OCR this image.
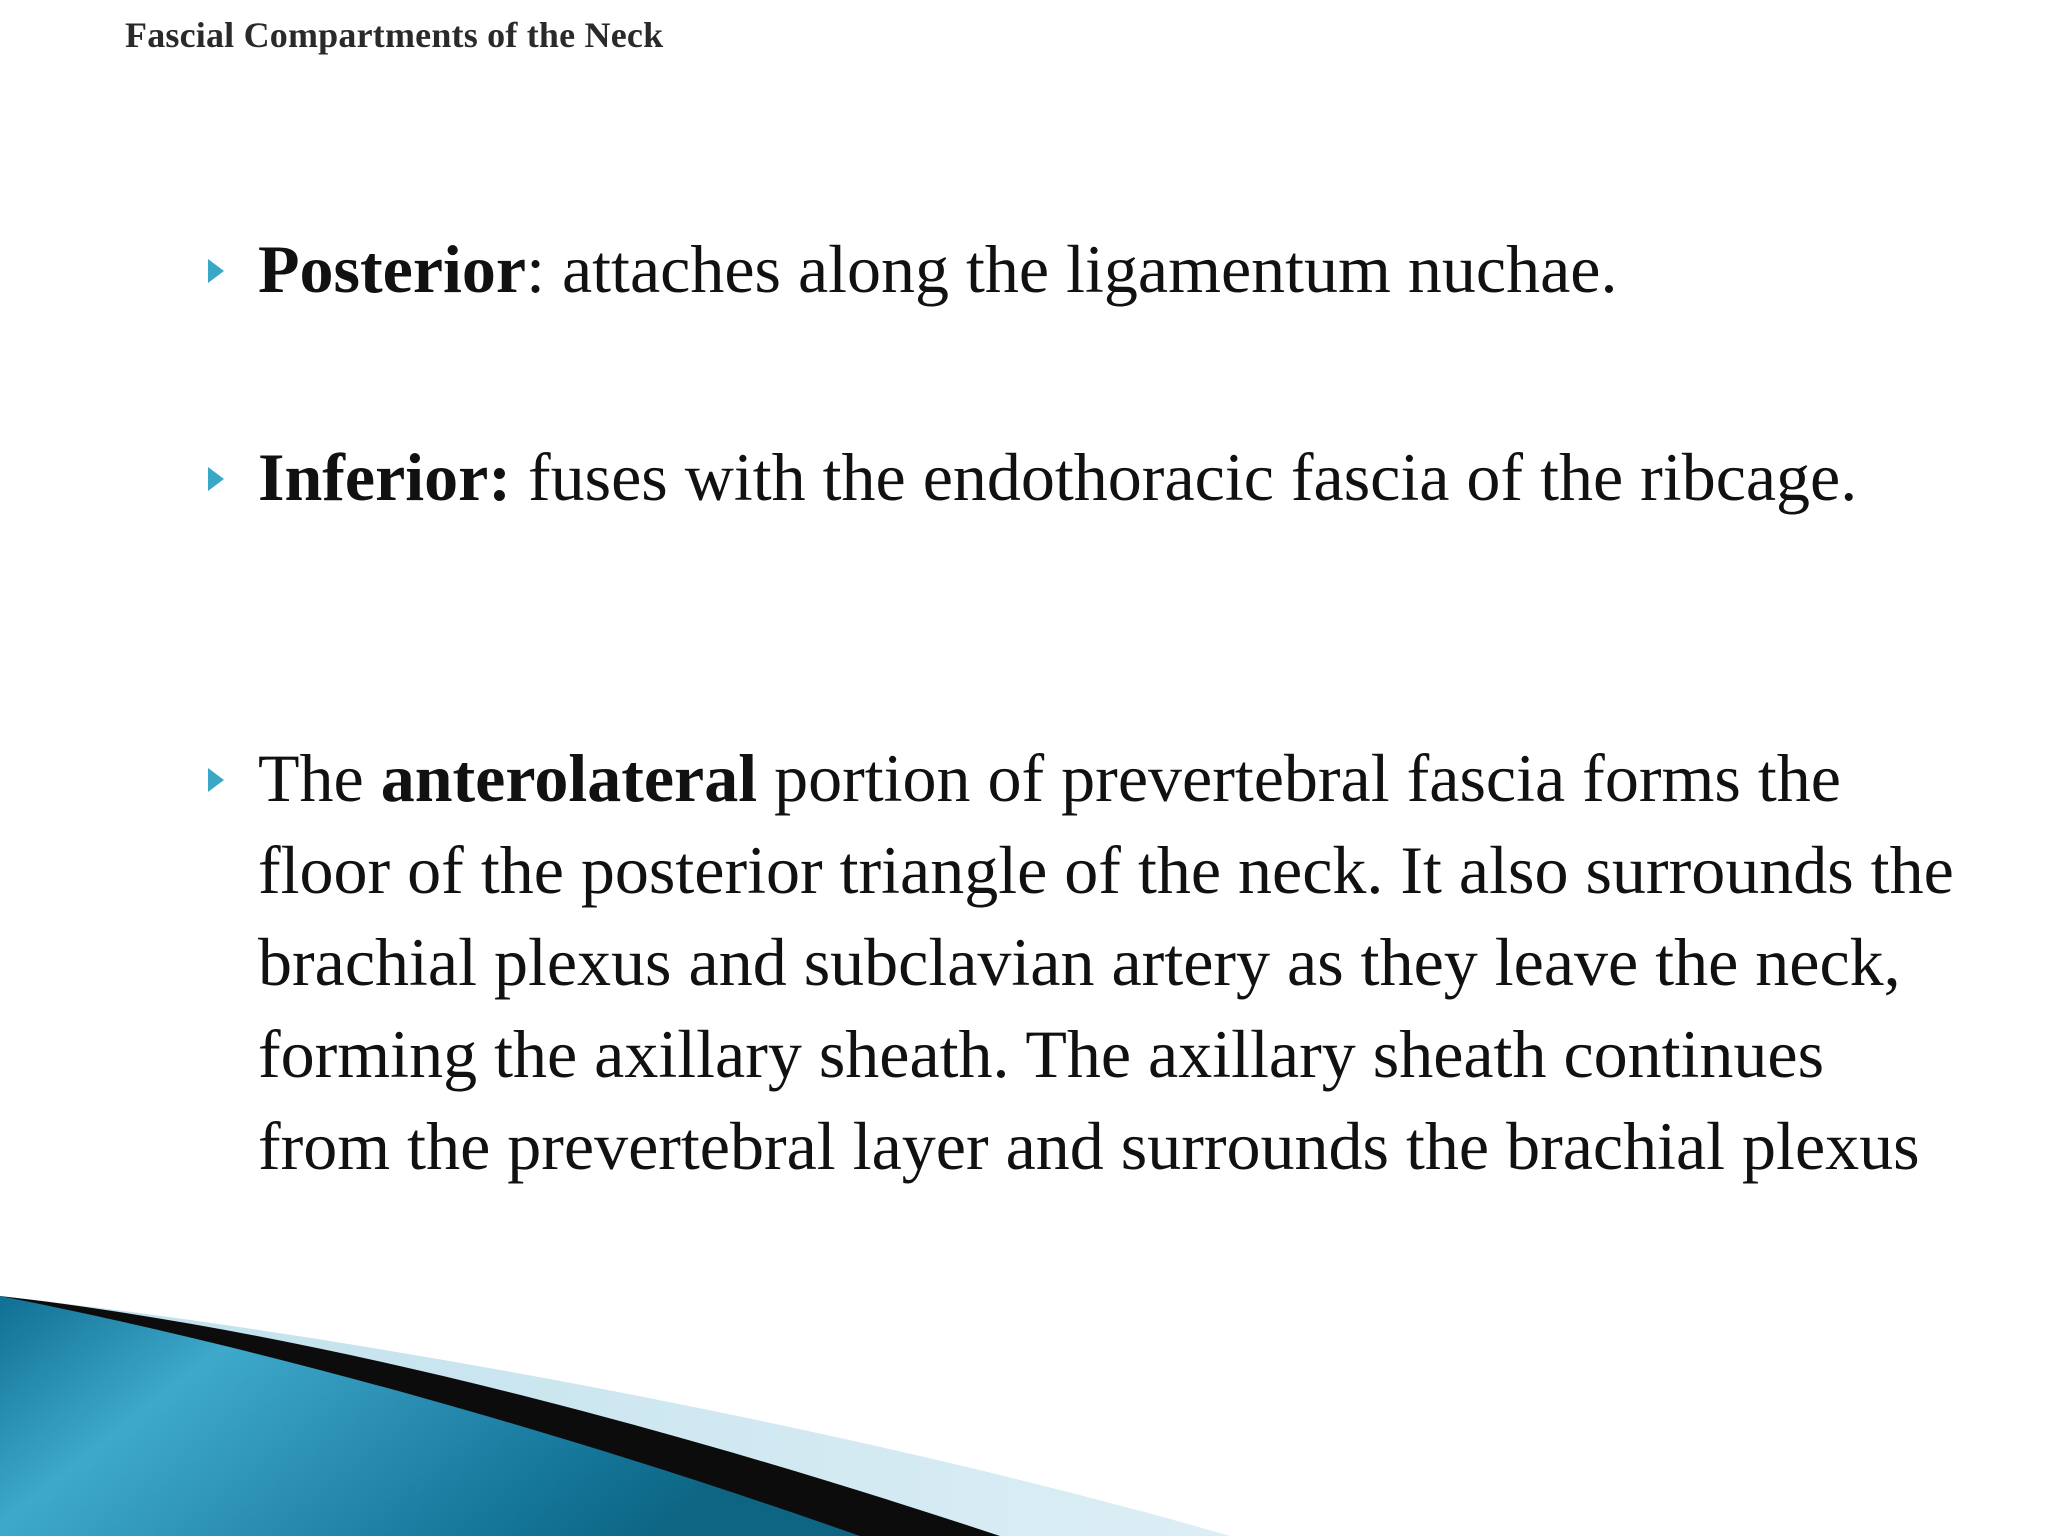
Fascial Compartments of the Neck
Posterior: attaches along the ligamentum nuchae.
Inferior: fuses with the endothoracic fascia of the ribcage.
The anterolateral portion of prevertebral fascia forms the floor of the posterior triangle of the neck. It also surrounds the brachial plexus and subclavian artery as they leave the neck, forming the axillary sheath. The axillary sheath continues from the prevertebral layer and surrounds the brachial plexus
